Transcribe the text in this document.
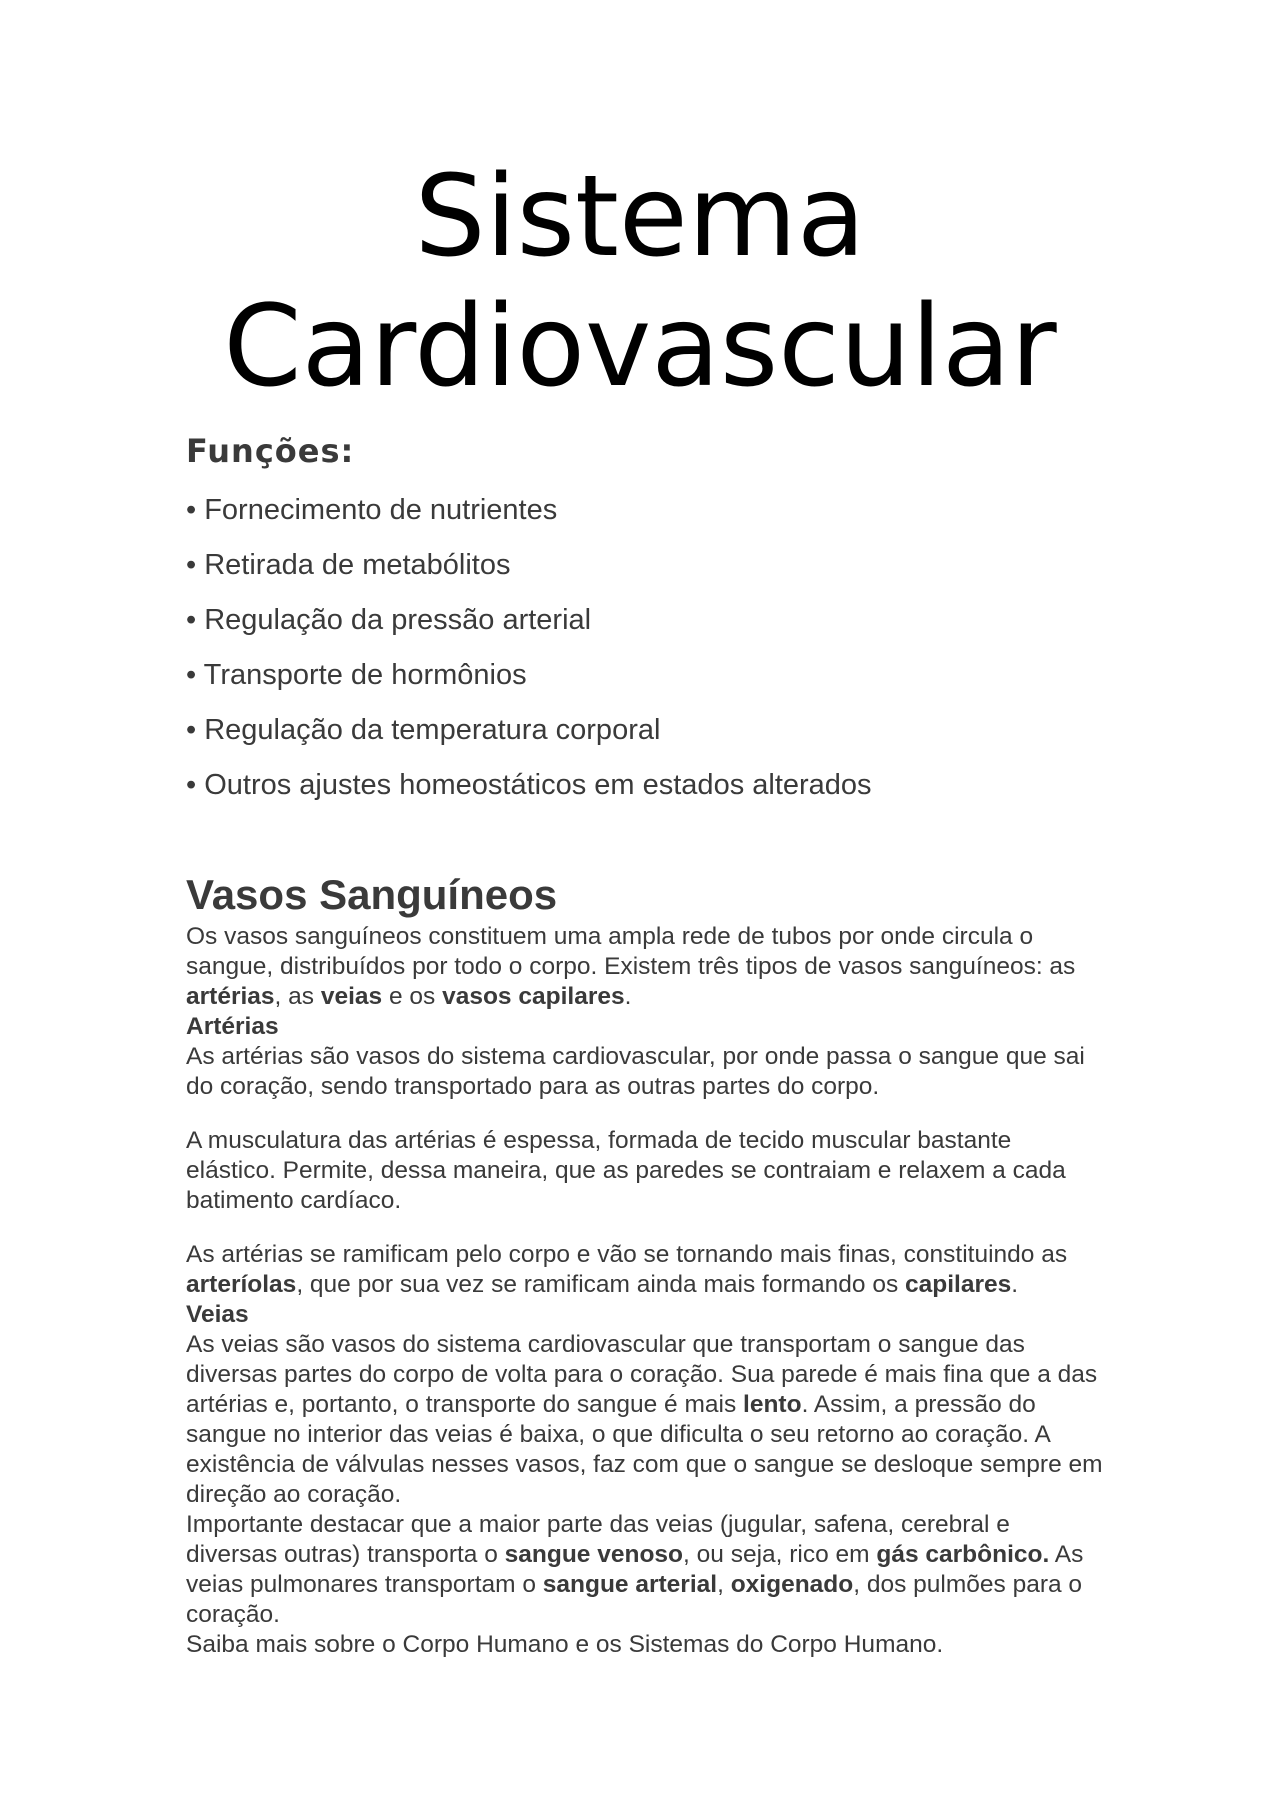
Sistema
Cardiovascular
Funções:
• Fornecimento de nutrientes
• Retirada de metabólitos
• Regulação da pressão arterial
• Transporte de hormônios
• Regulação da temperatura corporal
• Outros ajustes homeostáticos em estados alterados
Vasos Sanguíneos

Os vasos sanguíneos constituem uma ampla rede de tubos por onde circula o sangue, distribuídos por todo o corpo. Existem três tipos de vasos sanguíneos: as artérias, as veias e os vasos capilares.

Artérias

As artérias são vasos do sistema cardiovascular, por onde passa o sangue que sai do coração, sendo transportado para as outras partes do corpo.

A musculatura das artérias é espessa, formada de tecido muscular bastante elástico. Permite, dessa maneira, que as paredes se contraiam e relaxem a cada batimento cardíaco.

As artérias se ramificam pelo corpo e vão se tornando mais finas, constituindo as arteríolas, que por sua vez se ramificam ainda mais formando os capilares.

Veias

As veias são vasos do sistema cardiovascular que transportam o sangue das diversas partes do corpo de volta para o coração. Sua parede é mais fina que a das artérias e, portanto, o transporte do sangue é mais lento. Assim, a pressão do sangue no interior das veias é baixa, o que dificulta o seu retorno ao coração. A existência de válvulas nesses vasos, faz com que o sangue se desloque sempre em direção ao coração.

Importante destacar que a maior parte das veias (jugular, safena, cerebral e diversas outras) transporta o sangue venoso, ou seja, rico em gás carbônico. As veias pulmonares transportam o sangue arterial, oxigenado, dos pulmões para o coração.

Saiba mais sobre o Corpo Humano e os Sistemas do Corpo Humano.
